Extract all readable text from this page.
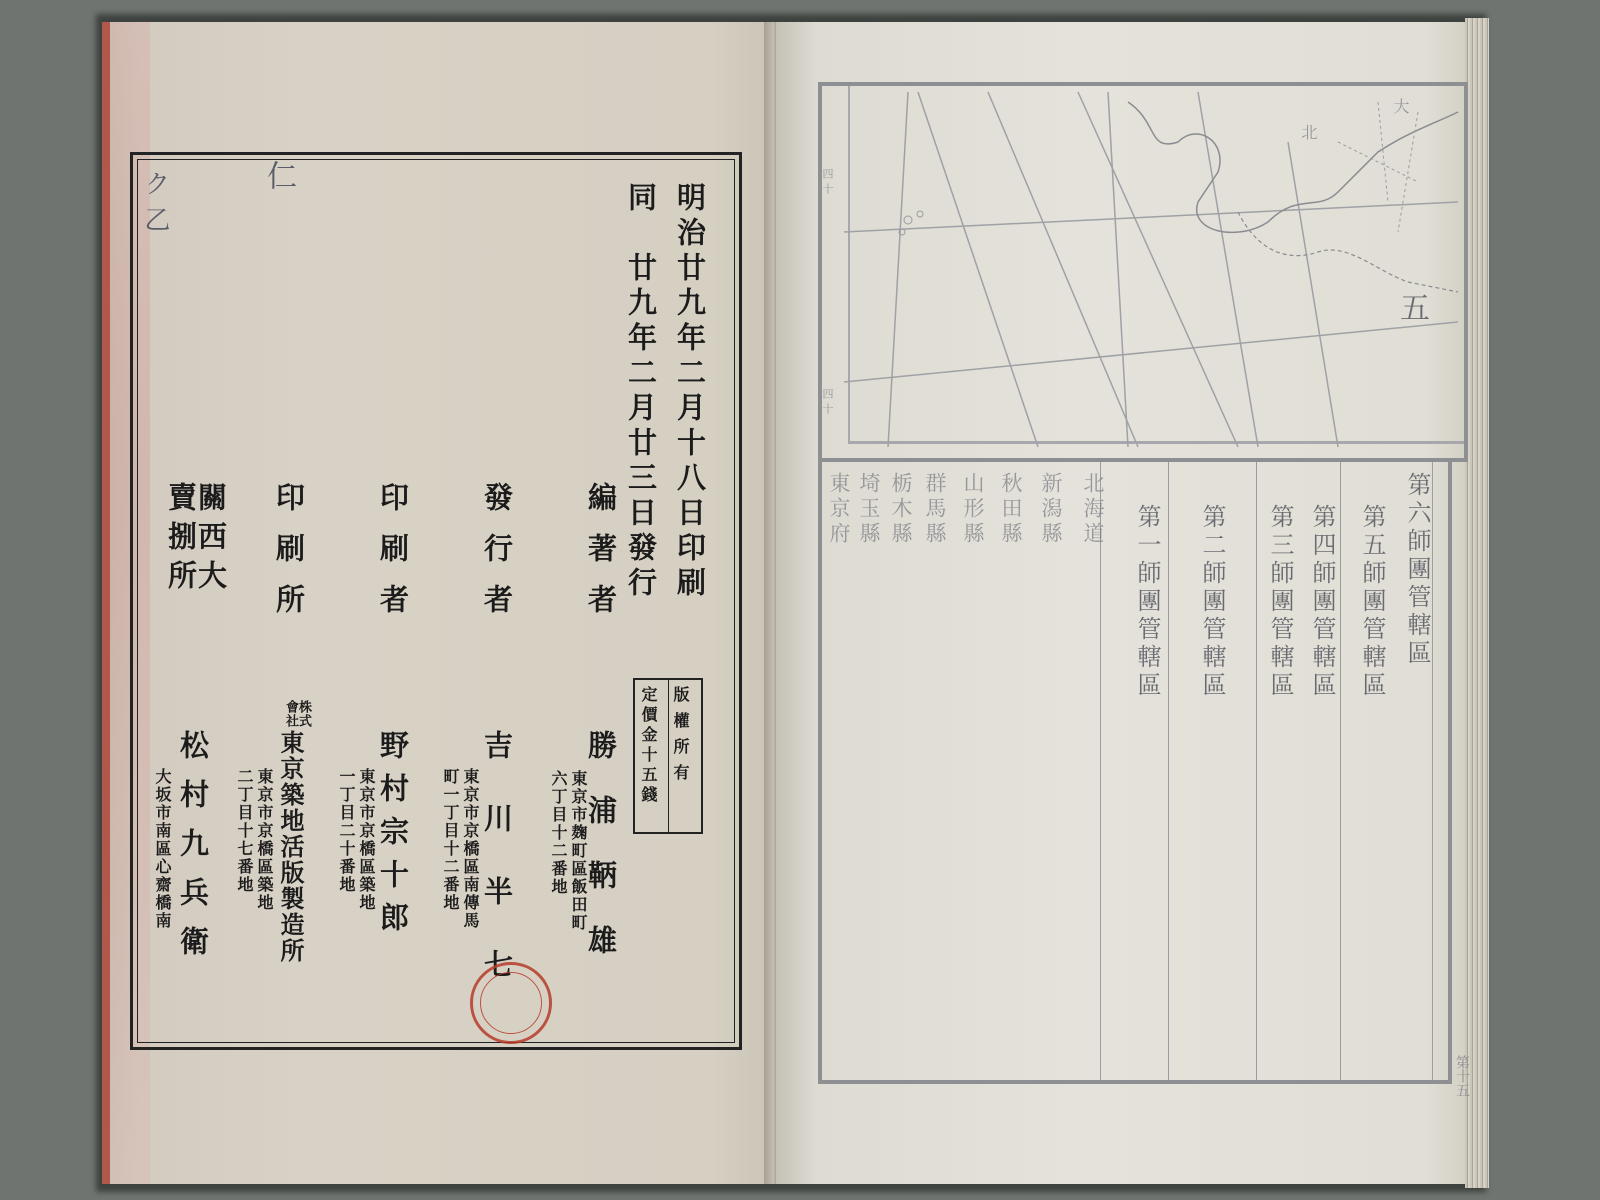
ク乙	仁
明治廿九年二月十八日印刷
同　廿九年二月廿三日發行
編著者
勝浦鞆雄
東京市麹町區飯田町
六丁目十二番地
版權所有
定價金十五錢
發行者
吉川半七
東京市京橋區南傳馬
町一丁目十二番地
印刷者
野村宗十郎
東京市京橋區築地
一丁目二十番地
印刷所
株式
會社
東京築地活版製造所
東京市京橋區築地
二丁目十七番地
關西大
賣捌所
松村九兵衛
大坂市南區心齋橋南
四十
四十
五
北
大
第六師團管轄區
第五師團管轄區
第四師團管轄區
第三師團管轄區
第二師團管轄區
第一師團管轄區
北海道
新潟縣
秋田縣
山形縣
群馬縣
栃木縣
埼玉縣
東京府
第十五
